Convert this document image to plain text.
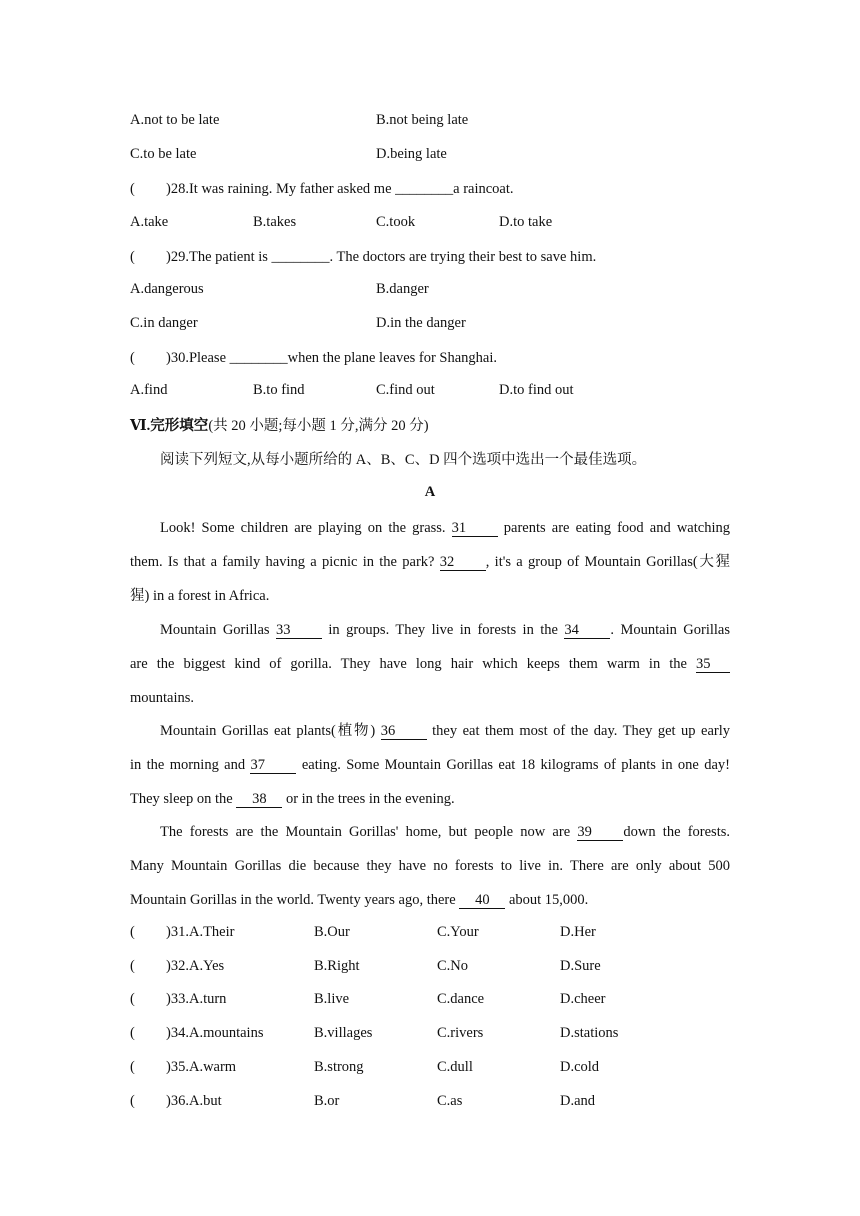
A.not to be late	B.not being late
C.to be late	D.being late
( )28.It was raining. My father asked me ________a raincoat.
A.take	B.takes	C.took	D.to take
( )29.The patient is ________. The doctors are trying their best to save him.
A.dangerous	B.danger
C.in danger	D.in the danger
( )30.Please ________when the plane leaves for Shanghai.
A.find	B.to find	C.find out	D.to find out
Ⅵ.完形填空(共 20 小题;每小题 1 分,满分 20 分)
阅读下列短文,从每小题所给的 A、B、C、D 四个选项中选出一个最佳选项。
A
Look! Some children are playing on the grass. 31 parents are eating food and watching
them. Is that a family having a picnic in the park? 32 , it's a group of Mountain Gorillas(大猩
猩) in a forest in Africa.
Mountain Gorillas 33 in groups. They live in forests in the 34 . Mountain Gorillas
are the biggest kind of gorilla. They have long hair which keeps them warm in the 35
mountains.
Mountain Gorillas eat plants(植物) 36 they eat them most of the day. They get up early
in the morning and 37 eating. Some Mountain Gorillas eat 18 kilograms of plants in one day!
They sleep on the 38 or in the trees in the evening.
The forests are the Mountain Gorillas' home, but people now are 39 down the forests.
Many Mountain Gorillas die because they have no forests to live in. There are only about 500
Mountain Gorillas in the world. Twenty years ago, there 40 about 15,000.
( )31.A.Their	B.Our	C.Your	D.Her
( )32.A.Yes	B.Right	C.No	D.Sure
( )33.A.turn	B.live	C.dance	D.cheer
( )34.A.mountains	B.villages	C.rivers	D.stations
( )35.A.warm	B.strong	C.dull	D.cold
( )36.A.but	B.or	C.as	D.and
